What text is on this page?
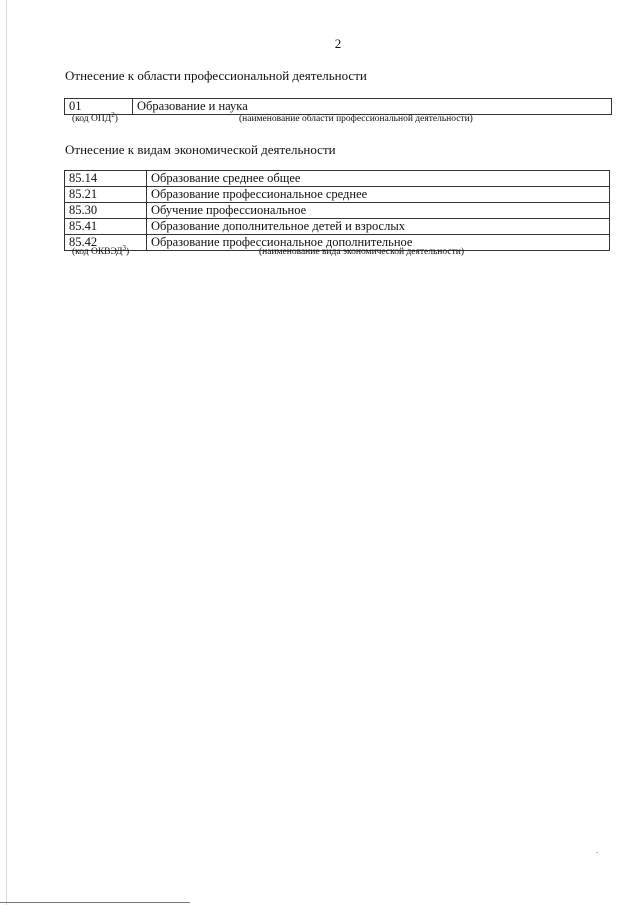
2
Отнесение к области профессиональной деятельности
01	Образование и наука
(код ОПД$^2$)	(наименование области профессиональной деятельности)
Отнесение к видам экономической деятельности
85.14	Образование среднее общее
85.21	Образование профессиональное среднее
85.30	Обучение профессиональное
85.41	Образование дополнительное детей и взрослых
85.42	Образование профессиональное дополнительное
(код ОКВЭД$^3$)	(наименование вида экономической деятельности)
